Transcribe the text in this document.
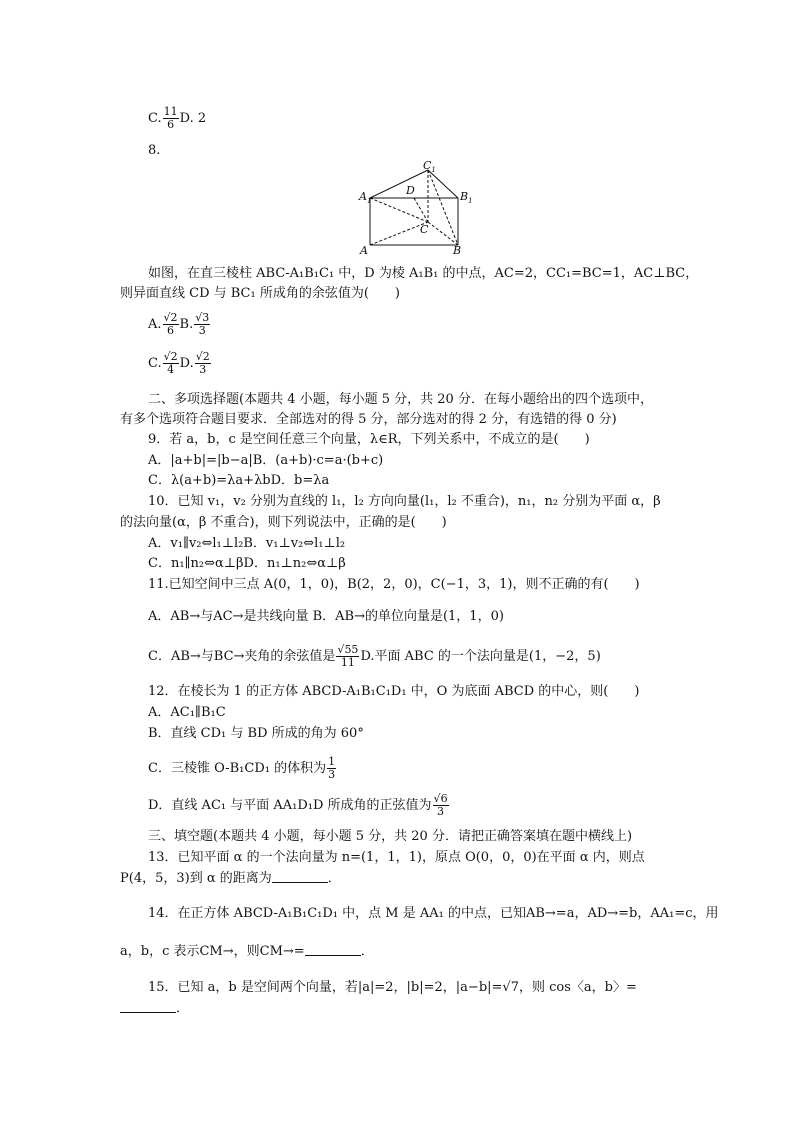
C. $\frac{11}{6} D$. 2
8.
$A_1$
D
$C_1$
$B_1$
C
A	B
如图，在直三棱柱 ABC-A₁B₁C₁ 中，D 为棱 A₁B₁ 的中点，AC=2，CC₁=BC=1，AC⊥BC，
则异面直线 CD 与 BC₁ 所成角的余弦值为(　　)
A. $\frac{√2}{6} B$. $\frac{√3}{3}$
C. $\frac{√2}{4} D$. $\frac{√2}{3}$
二、多项选择题(本题共 4 小题，每小题 5 分，共 20 分．在每小题给出的四个选项中，
有多个选项符合题目要求．全部选对的得 5 分，部分选对的得 2 分，有选错的得 0 分)
9．若 a，b，c 是空间任意三个向量，λ∈R，下列关系中，不成立的是(　　)
A．|a+b|=|b−a|B．(a+b)·c=a·(b+c)
C．λ(a+b)=λa+λbD．b=λa
10．已知 v₁，v₂ 分别为直线的 l₁，l₂ 方向向量(l₁，l₂ 不重合)，n₁，n₂ 分别为平面 α，β
的法向量(α，β 不重合)，则下列说法中，正确的是(　　)
A．v₁∥v₂⇔l₁⊥l₂B．v₁⊥v₂⇔l₁⊥l₂
C．n₁∥n₂⇔α⊥βD．n₁⊥n₂⇔α⊥β
11.已知空间中三点 A(0，1，0)，B(2，2，0)，C(−1，3，1)，则不正确的有(　　)
A．AB→与AC→是共线向量 B．AB→的单位向量是(1，1，0)
C．AB→与BC→夹角的余弦值是 $\frac{√55}{11} D$.平面 ABC 的一个法向量是(1，−2，5)
12．在棱长为 1 的正方体 ABCD-A₁B₁C₁D₁ 中，O 为底面 ABCD 的中心，则(　　)
A．AC₁∥B₁C
B．直线 CD₁ 与 BD 所成的角为 60°
C．三棱锥 O-B₁CD₁ 的体积为 $\frac{1}{3}$
D．直线 AC₁ 与平面 AA₁D₁D 所成角的正弦值为 $\frac{√6}{3}$
三、填空题(本题共 4 小题，每小题 5 分，共 20 分．请把正确答案填在题中横线上)
13．已知平面 α 的一个法向量为 n=(1，1，1)，原点 O(0，0，0)在平面 α 内，则点
P(4，5，3)到 α 的距离为	．
14．在正方体 ABCD-A₁B₁C₁D₁ 中，点 M 是 AA₁ 的中点，已知AB→=a，AD→=b，AA₁=c，用
a，b，c 表示CM→，则CM→=	．
15．已知 a，b 是空间两个向量，若|a|=2，|b|=2，|a−b|=√7，则 cos〈a，b〉=
．
